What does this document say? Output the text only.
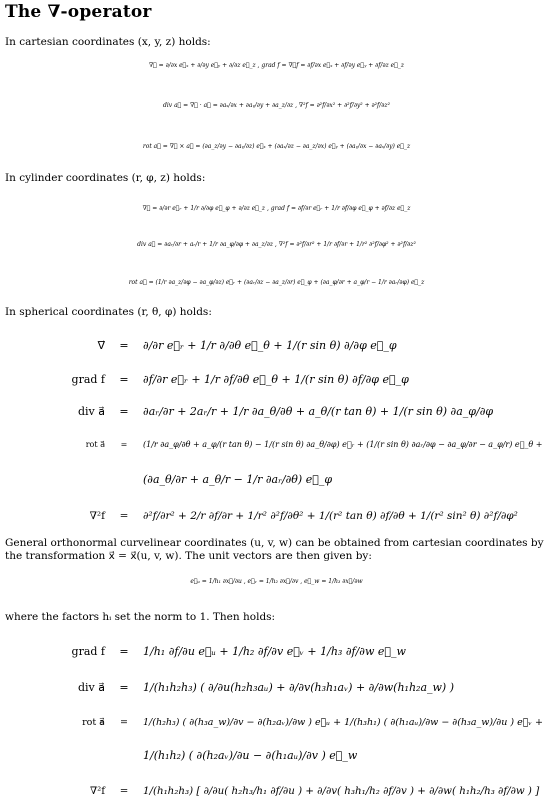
The ∇-operator
In cartesian coordinates (x, y, z) holds:
∇⃗ = ∂/∂x e⃗ₓ + ∂/∂y e⃗ᵧ + ∂/∂z e⃗_z , grad f = ∇⃗f = ∂f/∂x e⃗ₓ + ∂f/∂y e⃗ᵧ + ∂f/∂z e⃗_z
div a⃗ = ∇⃗ · a⃗ = ∂aₓ/∂x + ∂aᵧ/∂y + ∂a_z/∂z , ∇²f = ∂²f/∂x² + ∂²f/∂y² + ∂²f/∂z²
rot a⃗ = ∇⃗ × a⃗ = (∂a_z/∂y − ∂aᵧ/∂z) e⃗ₓ + (∂aₓ/∂z − ∂a_z/∂x) e⃗ᵧ + (∂aᵧ/∂x − ∂aₓ/∂y) e⃗_z
In cylinder coordinates (r, φ, z) holds:
∇⃗ = ∂/∂r e⃗ᵣ + 1/r ∂/∂φ e⃗_φ + ∂/∂z e⃗_z , grad f = ∂f/∂r e⃗ᵣ + 1/r ∂f/∂φ e⃗_φ + ∂f/∂z e⃗_z
div a⃗ = ∂aᵣ/∂r + aᵣ/r + 1/r ∂a_φ/∂φ + ∂a_z/∂z , ∇²f = ∂²f/∂r² + 1/r ∂f/∂r + 1/r² ∂²f/∂φ² + ∂²f/∂z²
rot a⃗ = (1/r ∂a_z/∂φ − ∂a_φ/∂z) e⃗ᵣ + (∂aᵣ/∂z − ∂a_z/∂r) e⃗_φ + (∂a_φ/∂r + a_φ/r − 1/r ∂aᵣ/∂φ) e⃗_z
In spherical coordinates (r, θ, φ) holds:
∇⃗ = ∂/∂r e⃗ᵣ + 1/r ∂/∂θ e⃗_θ + 1/(r sin θ) ∂/∂φ e⃗_φ
grad f = ∂f/∂r e⃗ᵣ + 1/r ∂f/∂θ e⃗_θ + 1/(r sin θ) ∂f/∂φ e⃗_φ
div a⃗ = ∂aᵣ/∂r + 2aᵣ/r + 1/r ∂a_θ/∂θ + a_θ/(r tan θ) + 1/(r sin θ) ∂a_φ/∂φ
rot a⃗ = (1/r ∂a_φ/∂θ + a_φ/(r tan θ) − 1/(r sin θ) ∂a_θ/∂φ) e⃗ᵣ + (1/(r sin θ) ∂aᵣ/∂φ − ∂a_φ/∂r − a_φ/r) e⃗_θ +
(∂a_θ/∂r + a_θ/r − 1/r ∂aᵣ/∂θ) e⃗_φ
∇²f = ∂²f/∂r² + 2/r ∂f/∂r + 1/r² ∂²f/∂θ² + 1/(r² tan θ) ∂f/∂θ + 1/(r² sin² θ) ∂²f/∂φ²
General orthonormal curvelinear coordinates (u, v, w) can be obtained from cartesian coordinates by the transformation x⃗ = x⃗(u, v, w). The unit vectors are then given by:
e⃗ᵤ = 1/h₁ ∂x⃗/∂u , e⃗ᵥ = 1/h₂ ∂x⃗/∂v , e⃗_w = 1/h₃ ∂x⃗/∂w
where the factors hᵢ set the norm to 1. Then holds:
grad f = 1/h₁ ∂f/∂u e⃗ᵤ + 1/h₂ ∂f/∂v e⃗ᵥ + 1/h₃ ∂f/∂w e⃗_w
div a⃗ = 1/(h₁h₂h₃) ( ∂/∂u(h₂h₃aᵤ) + ∂/∂v(h₃h₁aᵥ) + ∂/∂w(h₁h₂a_w) )
rot a⃗ = 1/(h₂h₃) ( ∂(h₃a_w)/∂v − ∂(h₂aᵥ)/∂w ) e⃗ᵤ + 1/(h₃h₁) ( ∂(h₁aᵤ)/∂w − ∂(h₃a_w)/∂u ) e⃗ᵥ +
1/(h₁h₂) ( ∂(h₂aᵥ)/∂u − ∂(h₁aᵤ)/∂v ) e⃗_w
∇²f = 1/(h₁h₂h₃) [ ∂/∂u( h₂h₃/h₁ ∂f/∂u ) + ∂/∂v( h₃h₁/h₂ ∂f/∂v ) + ∂/∂w( h₁h₂/h₃ ∂f/∂w ) ]
